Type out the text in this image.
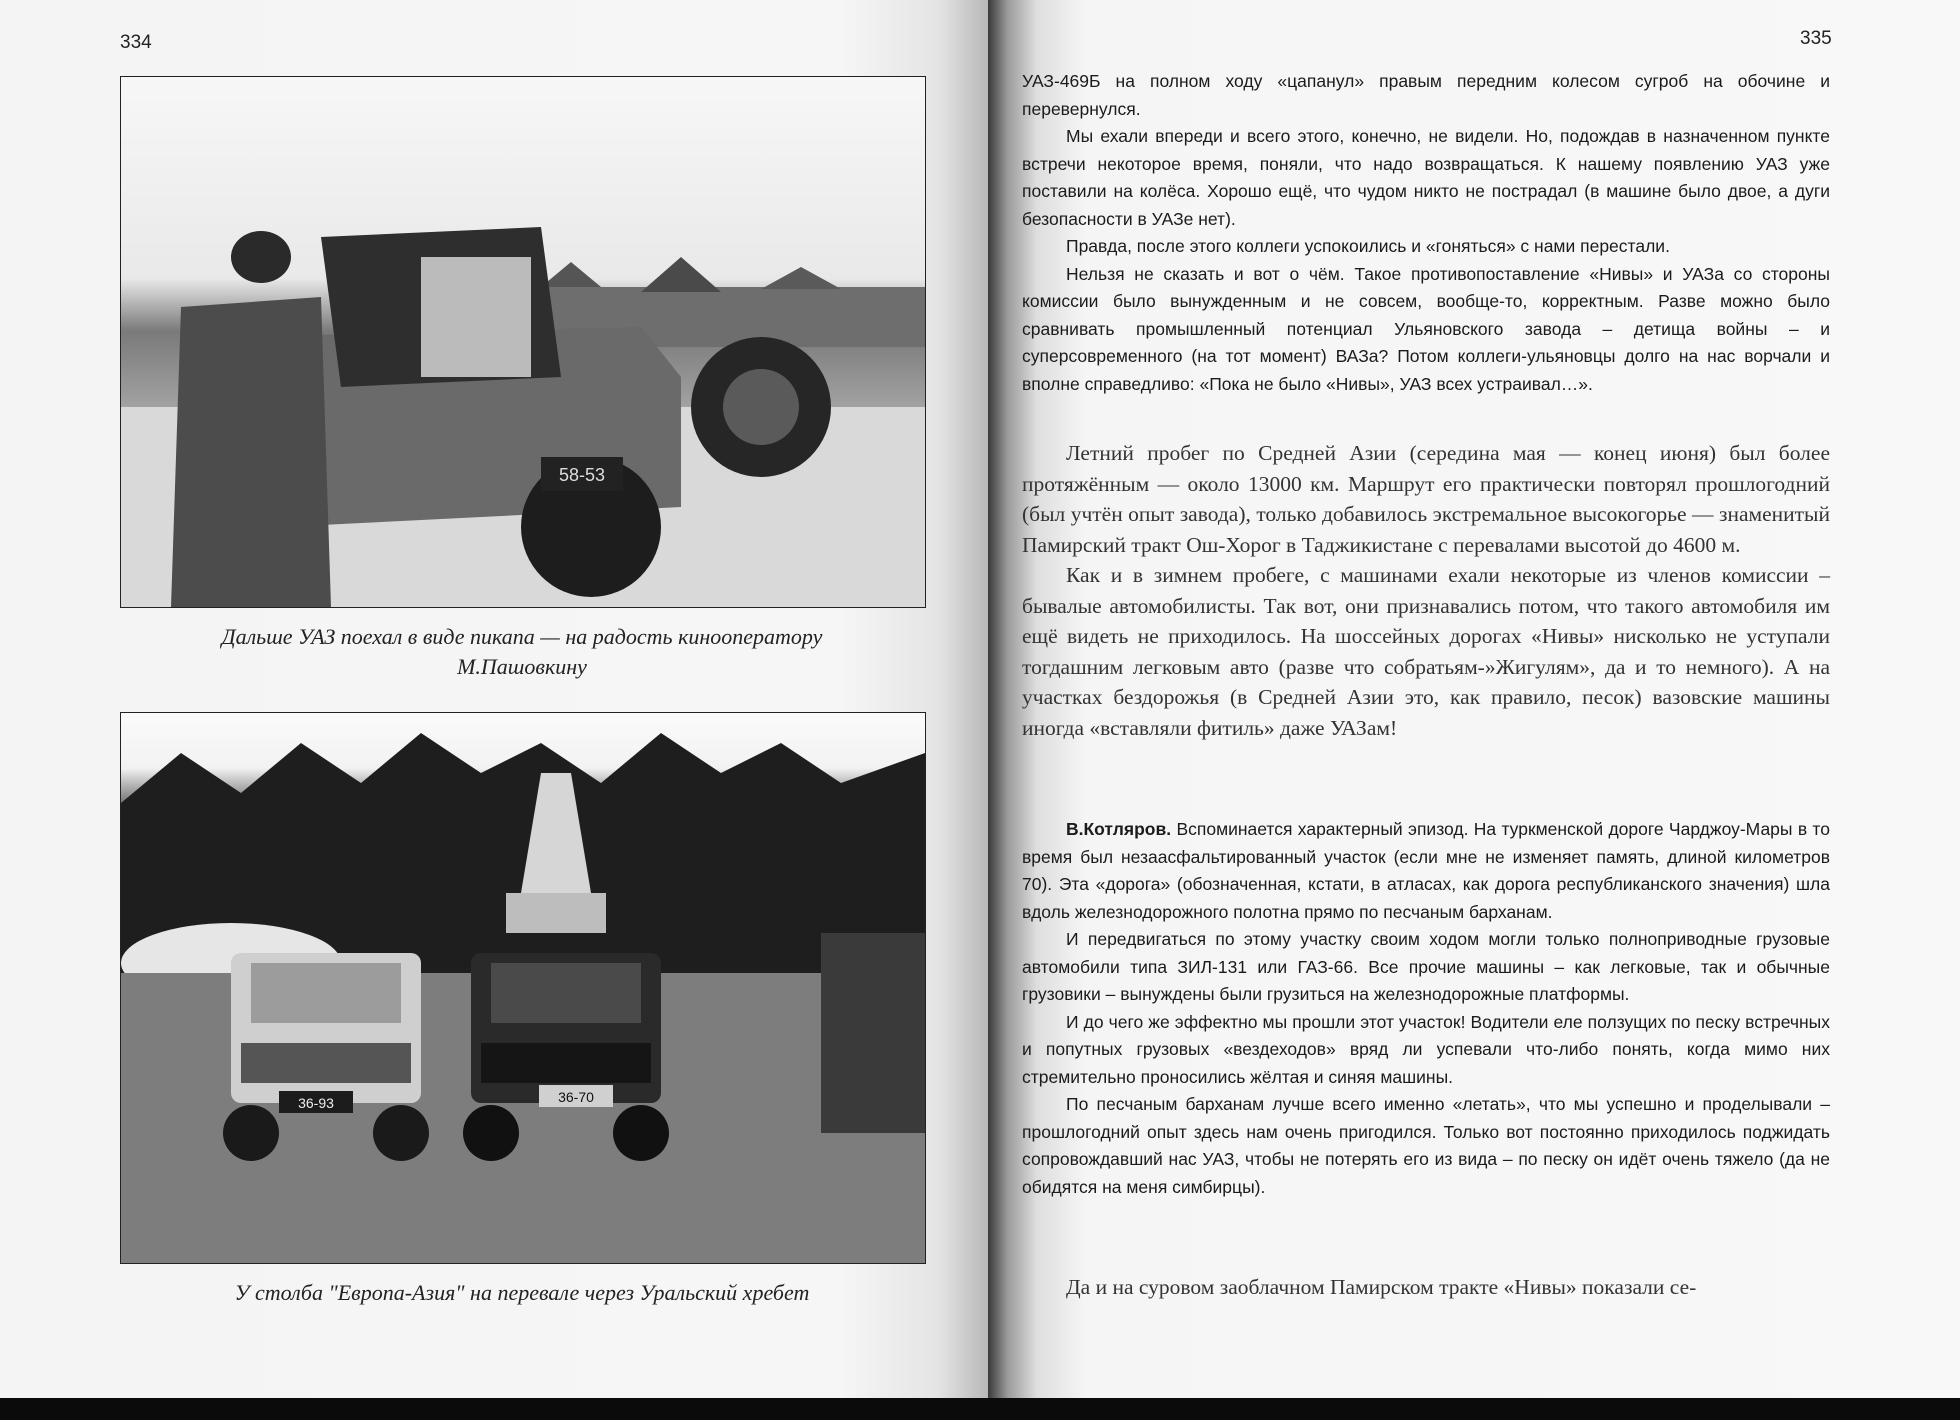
334
58-53
Дальше УАЗ поехал в виде пикапа — на радость кинооператору
М.Пашовкину
36-93	36-70
У столба "Европа-Азия" на перевале через Уральский хребет
335

УАЗ-469Б на полном ходу «цапанул» правым передним колесом сугроб на обочине и перевернулся.

Мы ехали впереди и всего этого, конечно, не видели. Но, подождав в назначенном пункте встречи некоторое время, поняли, что надо возвращаться. К нашему появлению УАЗ уже поставили на колёса. Хорошо ещё, что чудом никто не пострадал (в машине было двое, а дуги безопасности в УАЗе нет).

Правда, после этого коллеги успокоились и «гоняться» с нами перестали.

Нельзя не сказать и вот о чём. Такое противопоставление «Нивы» и УАЗа со стороны комиссии было вынужденным и не совсем, вообще-то, корректным. Разве можно было сравнивать промышленный потенциал Ульяновского завода – детища войны – и суперсовременного (на тот момент) ВАЗа? Потом коллеги-ульяновцы долго на нас ворчали и вполне справедливо: «Пока не было «Нивы», УАЗ всех устраивал…».

Летний пробег по Средней Азии (середина мая — конец июня) был более протяжённым — около 13000 км. Маршрут его практически повторял прошлогодний (был учтён опыт завода), только добавилось экстремальное высокогорье — знаменитый Памирский тракт Ош-Хорог в Таджикистане с перевалами высотой до 4600 м.

Как и в зимнем пробеге, с машинами ехали некоторые из членов комиссии – бывалые автомобилисты. Так вот, они признавались потом, что такого автомобиля им ещё видеть не приходилось. На шоссейных дорогах «Нивы» нисколько не уступали тогдашним легковым авто (разве что собратьям-»Жигулям», да и то немного). А на участках бездорожья (в Средней Азии это, как правило, песок) вазовские машины иногда «вставляли фитиль» даже УАЗам!

В.Котляров. Вспоминается характерный эпизод. На туркменской дороге Чарджоу-Мары в то время был незаасфальтированный участок (если мне не изменяет память, длиной километров 70). Эта «дорога» (обозначенная, кстати, в атласах, как дорога республиканского значения) шла вдоль железнодорожного полотна прямо по песчаным барханам.

И передвигаться по этому участку своим ходом могли только полноприводные грузовые автомобили типа ЗИЛ-131 или ГАЗ-66. Все прочие машины – как легковые, так и обычные грузовики – вынуждены были грузиться на железнодорожные платформы.

И до чего же эффектно мы прошли этот участок! Водители еле ползущих по песку встречных и попутных грузовых «вездеходов» вряд ли успевали что-либо понять, когда мимо них стремительно проносились жёлтая и синяя машины.

По песчаным барханам лучше всего именно «летать», что мы успешно и проделывали – прошлогодний опыт здесь нам очень пригодился. Только вот постоянно приходилось поджидать сопровождавший нас УАЗ, чтобы не потерять его из вида – по песку он идёт очень тяжело (да не обидятся на меня симбирцы).

Да и на суровом заоблачном Памирском тракте «Нивы» показали се-
